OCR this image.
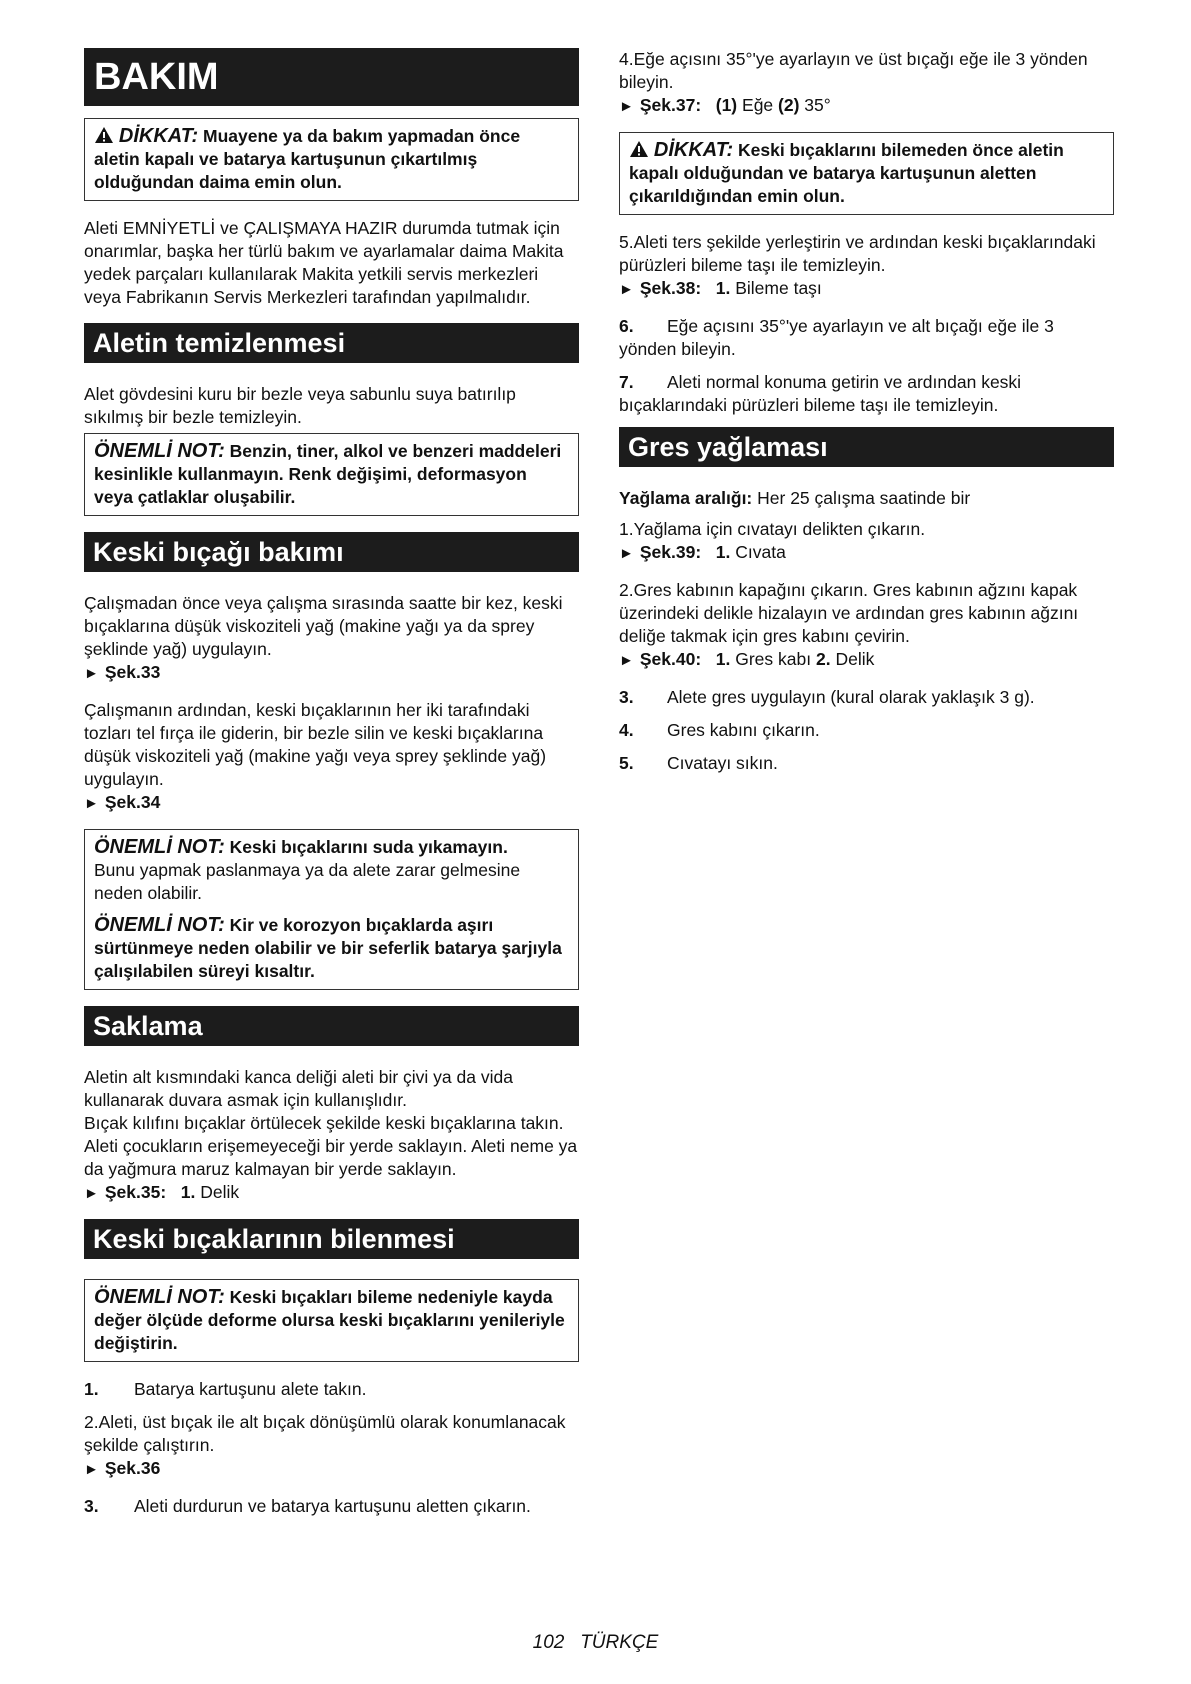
BAKIM

DİKKAT: Muayene ya da bakım yapmadan önce aletin kapalı ve batarya kartuşunun çıkartılmış olduğundan daima emin olun.

Aleti EMNİYETLİ ve ÇALIŞMAYA HAZIR durumda tutmak için onarımlar, başka her türlü bakım ve ayarlamalar daima Makita yedek parçaları kullanılarak Makita yetkili servis merkezleri veya Fabrikanın Servis Merkezleri tarafından yapılmalıdır.

Aletin temizlenmesi

Alet gövdesini kuru bir bezle veya sabunlu suya batırılıp sıkılmış bir bezle temizleyin.

ÖNEMLİ NOT: Benzin, tiner, alkol ve benzeri maddeleri kesinlikle kullanmayın. Renk değişimi, deformasyon veya çatlaklar oluşabilir.

Keski bıçağı bakımı

Çalışmadan önce veya çalışma sırasında saatte bir kez, keski bıçaklarına düşük viskoziteli yağ (makine yağı ya da sprey şeklinde yağ) uygulayın.

► Şek.33

Çalışmanın ardından, keski bıçaklarının her iki tarafındaki tozları tel fırça ile giderin, bir bezle silin ve keski bıçaklarına düşük viskoziteli yağ (makine yağı veya sprey şeklinde yağ) uygulayın.

► Şek.34

ÖNEMLİ NOT: Keski bıçaklarını suda yıkamayın.

Bunu yapmak paslanmaya ya da alete zarar gelmesine neden olabilir.

ÖNEMLİ NOT: Kir ve korozyon bıçaklarda aşırı sürtünmeye neden olabilir ve bir seferlik batarya şarjıyla çalışılabilen süreyi kısaltır.

Saklama

Aletin alt kısmındaki kanca deliği aleti bir çivi ya da vida kullanarak duvara asmak için kullanışlıdır.

Bıçak kılıfını bıçaklar örtülecek şekilde keski bıçaklarına takın. Aleti çocukların erişemeyeceği bir yerde saklayın. Aleti neme ya da yağmura maruz kalmayan bir yerde saklayın.

► Şek.35: 1. Delik

Keski bıçaklarının bilenmesi

ÖNEMLİ NOT: Keski bıçakları bileme nedeniyle kayda değer ölçüde deforme olursa keski bıçaklarını yenileriyle değiştirin.

1. Batarya kartuşunu alete takın.

2.Aleti, üst bıçak ile alt bıçak dönüşümlü olarak konumlanacak şekilde çalıştırın.

► Şek.36

3. Aleti durdurun ve batarya kartuşunu aletten çıkarın.

4.Eğe açısını 35°'ye ayarlayın ve üst bıçağı eğe ile 3 yönden bileyin.

► Şek.37: (1) Eğe (2) 35°

DİKKAT: Keski bıçaklarını bilemeden önce aletin kapalı olduğundan ve batarya kartuşunun aletten çıkarıldığından emin olun.

5.Aleti ters şekilde yerleştirin ve ardından keski bıçaklarındaki pürüzleri bileme taşı ile temizleyin.

► Şek.38: 1. Bileme taşı

6. Eğe açısını 35°'ye ayarlayın ve alt bıçağı eğe ile 3 yönden bileyin.

7. Aleti normal konuma getirin ve ardından keski bıçaklarındaki pürüzleri bileme taşı ile temizleyin.

Gres yağlaması

Yağlama aralığı: Her 25 çalışma saatinde bir

1.Yağlama için cıvatayı delikten çıkarın.

► Şek.39: 1. Cıvata

2.Gres kabının kapağını çıkarın. Gres kabının ağzını kapak üzerindeki delikle hizalayın ve ardından gres kabının ağzını deliğe takmak için gres kabını çevirin.

► Şek.40: 1. Gres kabı 2. Delik

3. Alete gres uygulayın (kural olarak yaklaşık 3 g).

4. Gres kabını çıkarın.

5. Cıvatayı sıkın.

102 TÜRKÇE
